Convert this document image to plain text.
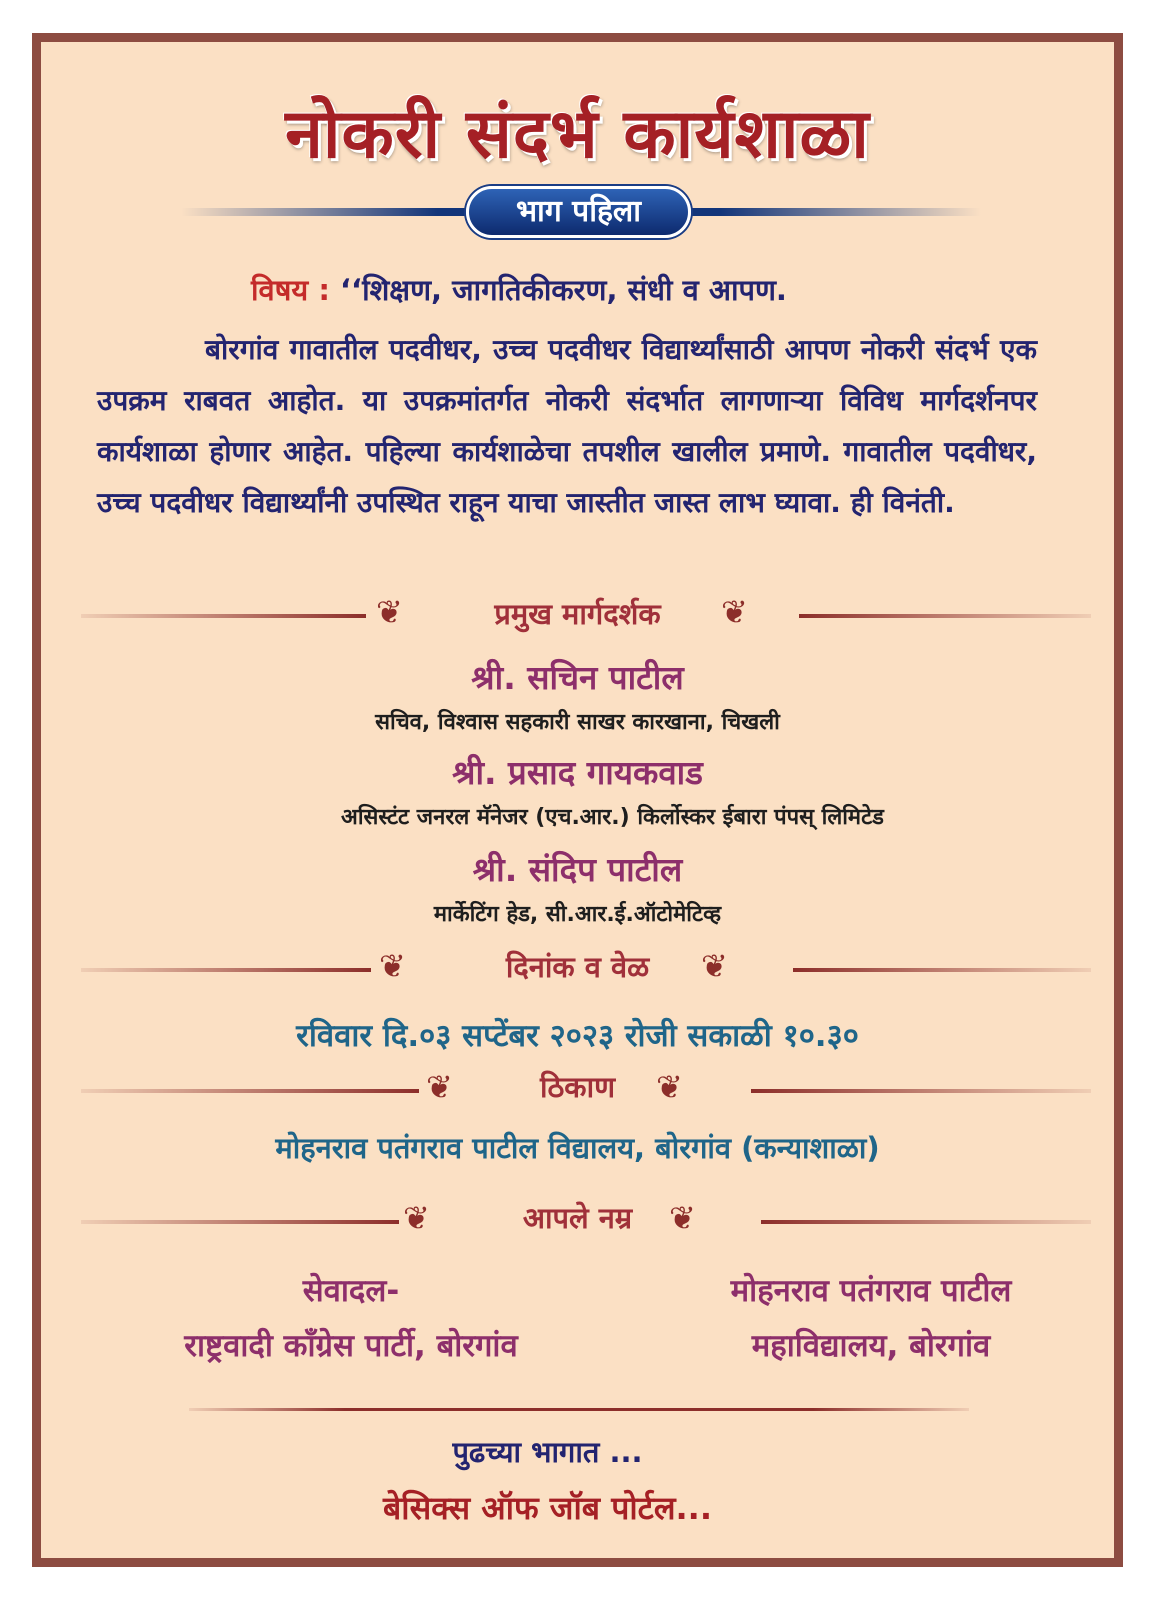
नोकरी संदर्भ कार्यशाळा
भाग पहिला
विषय : ‘‘शिक्षण, जागतिकीकरण, संधी व आपण.
बोरगांव गावातील पदवीधर, उच्च पदवीधर विद्यार्थ्यांसाठी आपण नोकरी संदर्भ एक उपक्रम राबवत आहोत. या उपक्रमांतर्गत नोकरी संदर्भात लागणाऱ्या विविध मार्गदर्शनपर कार्यशाळा होणार आहेत. पहिल्या कार्यशाळेचा तपशील खालील प्रमाणे. गावातील पदवीधर, उच्च पदवीधर विद्यार्थ्यांनी उपस्थित राहून याचा जास्तीत जास्त लाभ घ्यावा. ही विनंती.
❦	❦
प्रमुख मार्गदर्शक
श्री. सचिन पाटील
सचिव, विश्वास सहकारी साखर कारखाना, चिखली
श्री. प्रसाद गायकवाड
असिस्टंट जनरल मॅनेजर (एच.आर.) किर्लोस्कर ईबारा पंपस् लिमिटेड
श्री. संदिप पाटील
मार्केटिंग हेड, सी.आर.ई.ऑटोमेटिव्ह
❦	❦
दिनांक व वेळ
रविवार दि.०३ सप्टेंबर २०२३ रोजी सकाळी १०.३०
❦	❦
ठिकाण
मोहनराव पतंगराव पाटील विद्यालय, बोरगांव (कन्याशाळा)
❦	❦
आपले नम्र
सेवादल-
राष्ट्रवादी कॉंग्रेस पार्टी, बोरगांव
मोहनराव पतंगराव पाटील
महाविद्यालय, बोरगांव
पुढच्या भागात ...
बेसिक्स ऑफ जॉब पोर्टल...
